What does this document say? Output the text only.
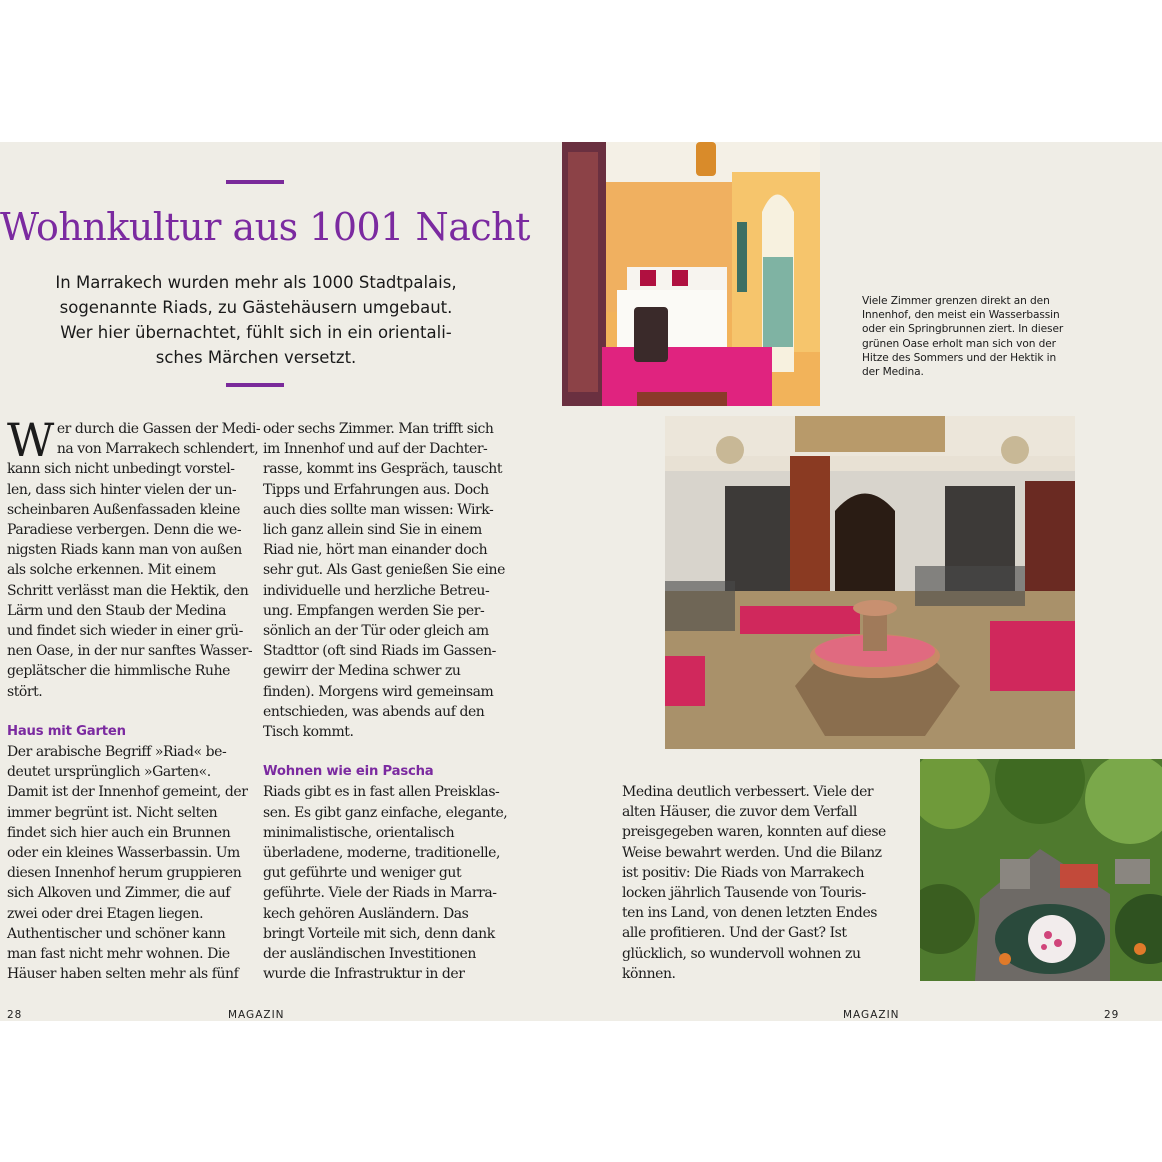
Wohnkultur aus 1001 Nacht
In Marrakech wurden mehr als 1000 Stadtpalais,
sogenannte Riads, zu Gästehäusern umgebaut.
Wer hier übernachtet, fühlt sich in ein orientali-
sches Märchen versetzt.
W er durch die Gassen der Medi-
na von Marrakech schlendert,
kann sich nicht unbedingt vorstel-
len, dass sich hinter vielen der un-
scheinbaren Außenfassaden kleine
Paradiese verbergen. Denn die we-
nigsten Riads kann man von außen
als solche erkennen. Mit einem
Schritt verlässt man die Hektik, den
Lärm und den Staub der Medina
und findet sich wieder in einer grü-
nen Oase, in der nur sanftes Wasser-
geplätscher die himmlische Ruhe
stört.
Haus mit Garten
Der arabische Begriff »Riad« be-
deutet ursprünglich »Garten«.
Damit ist der Innenhof gemeint, der
immer begrünt ist. Nicht selten
findet sich hier auch ein Brunnen
oder ein kleines Wasserbassin. Um
diesen Innenhof herum gruppieren
sich Alkoven und Zimmer, die auf
zwei oder drei Etagen liegen.
Authentischer und schöner kann
man fast nicht mehr wohnen. Die
Häuser haben selten mehr als fünf
oder sechs Zimmer. Man trifft sich
im Innenhof und auf der Dachter-
rasse, kommt ins Gespräch, tauscht
Tipps und Erfahrungen aus. Doch
auch dies sollte man wissen: Wirk-
lich ganz allein sind Sie in einem
Riad nie, hört man einander doch
sehr gut. Als Gast genießen Sie eine
individuelle und herzliche Betreu-
ung. Empfangen werden Sie per-
sönlich an der Tür oder gleich am
Stadttor (oft sind Riads im Gassen-
gewirr der Medina schwer zu
finden). Morgens wird gemeinsam
entschieden, was abends auf den
Tisch kommt.
Wohnen wie ein Pascha
Riads gibt es in fast allen Preisklas-
sen. Es gibt ganz einfache, elegante,
minimalistische, orientalisch
überladene, moderne, traditionelle,
gut geführte und weniger gut
geführte. Viele der Riads in Marra-
kech gehören Ausländern. Das
bringt Vorteile mit sich, denn dank
der ausländischen Investitionen
wurde die Infrastruktur in der
28	MAGAZIN
Viele Zimmer grenzen direkt an den
Innenhof, den meist ein Wasserbassin
oder ein Springbrunnen ziert. In dieser
grünen Oase erholt man sich von der
Hitze des Sommers und der Hektik in
der Medina.
Medina deutlich verbessert. Viele der
alten Häuser, die zuvor dem Verfall
preisgegeben waren, konnten auf diese
Weise bewahrt werden. Und die Bilanz
ist positiv: Die Riads von Marrakech
locken jährlich Tausende von Touris-
ten ins Land, von denen letzten Endes
alle profitieren. Und der Gast? Ist
glücklich, so wundervoll wohnen zu
können.
MAGAZIN	29
